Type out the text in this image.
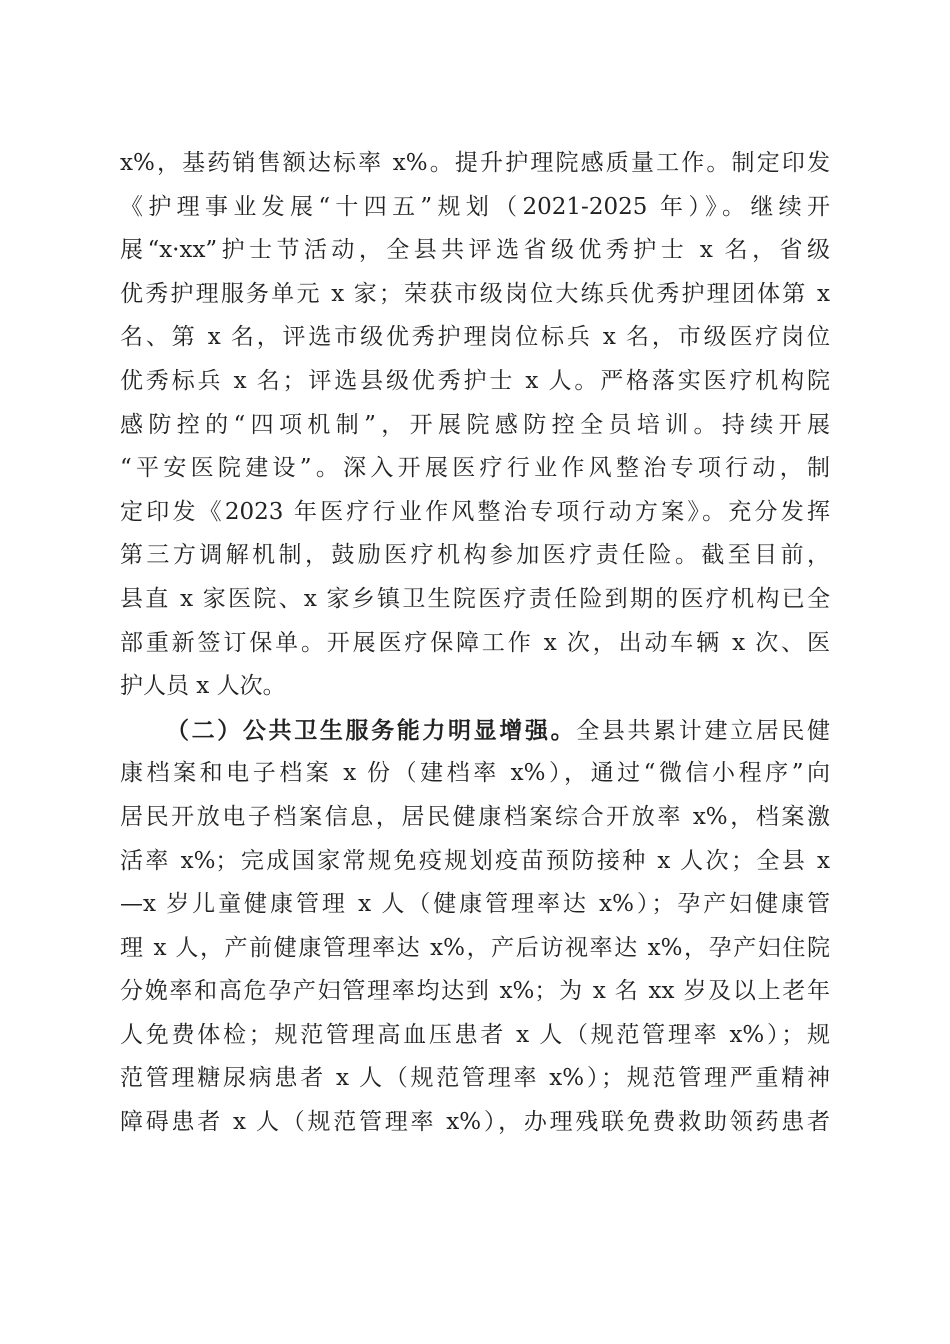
x%，基药销售额达标率 x%。提升护理院感质量工作。制定印发
《护理事业发展“十四五”规划（2021-2025 年）》。继续开
展“x·xx”护士节活动，全县共评选省级优秀护士 x 名，省级
优秀护理服务单元 x 家；荣获市级岗位大练兵优秀护理团体第 x
名、第 x 名，评选市级优秀护理岗位标兵 x 名，市级医疗岗位
优秀标兵 x 名；评选县级优秀护士 x 人。严格落实医疗机构院
感防控的“四项机制”，开展院感防控全员培训。持续开展
“平安医院建设”。深入开展医疗行业作风整治专项行动，制
定印发《2023 年医疗行业作风整治专项行动方案》。充分发挥
第三方调解机制，鼓励医疗机构参加医疗责任险。截至目前，
县直 x 家医院、x 家乡镇卫生院医疗责任险到期的医疗机构已全
部重新签订保单。开展医疗保障工作 x 次，出动车辆 x 次、医
护人员 x 人次。
（二）公共卫生服务能力明显增强。全县共累计建立居民健
康档案和电子档案 x 份（建档率 x%），通过“微信小程序”向
居民开放电子档案信息，居民健康档案综合开放率 x%，档案激
活率 x%；完成国家常规免疫规划疫苗预防接种 x 人次；全县 x
—x 岁儿童健康管理 x 人（健康管理率达 x%）；孕产妇健康管
理 x 人，产前健康管理率达 x%，产后访视率达 x%，孕产妇住院
分娩率和高危孕产妇管理率均达到 x%；为 x 名 xx 岁及以上老年
人免费体检；规范管理高血压患者 x 人（规范管理率 x%）；规
范管理糖尿病患者 x 人（规范管理率 x%）；规范管理严重精神
障碍患者 x 人（规范管理率 x%），办理残联免费救助领药患者
